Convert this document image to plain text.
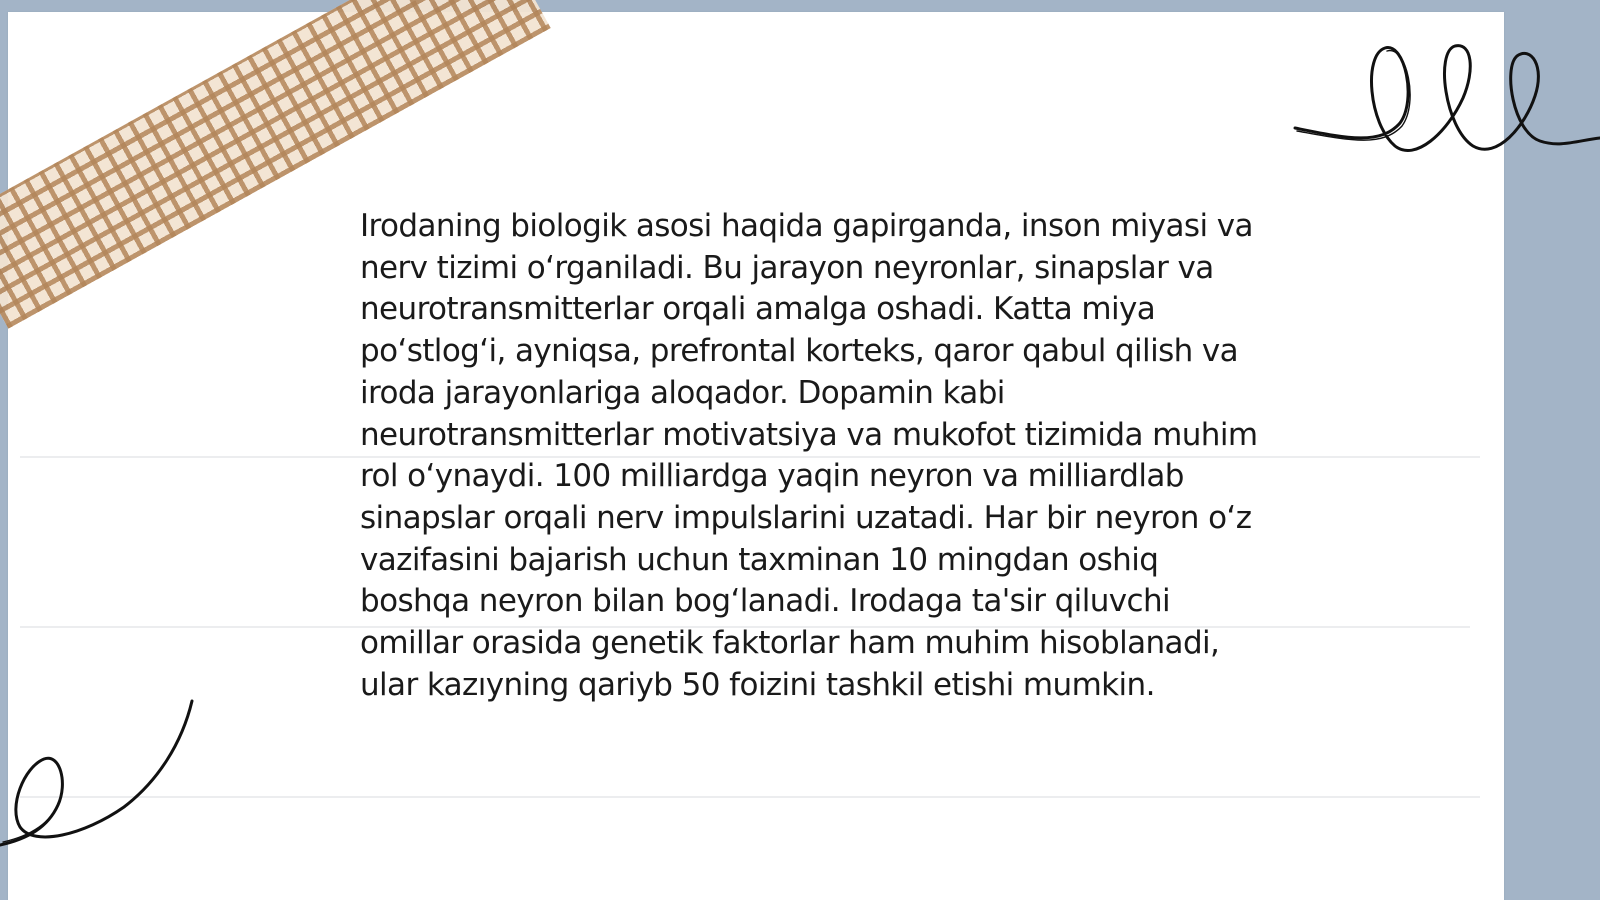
Irodaning biologik asosi haqida gapirganda, inson miyasi va nerv tizimi o‘rganiladi. Bu jarayon neyronlar, sinapslar va neurotransmitterlar orqali amalga oshadi. Katta miya po‘stlog‘i, ayniqsa, prefrontal korteks, qaror qabul qilish va iroda jarayonlariga aloqador. Dopamin kabi neurotransmitterlar motivatsiya va mukofot tizimida muhim rol o‘ynaydi. 100 milliardga yaqin neyron va milliardlab sinapslar orqali nerv impulslarini uzatadi. Har bir neyron o‘z vazifasini bajarish uchun taxminan 10 mingdan oshiq boshqa neyron bilan bog‘lanadi. Irodaga ta'sir qiluvchi omillar orasida genetik faktorlar ham muhim hisoblanadi, ular kazıyning qariyb 50 foizini tashkil etishi mumkin.
